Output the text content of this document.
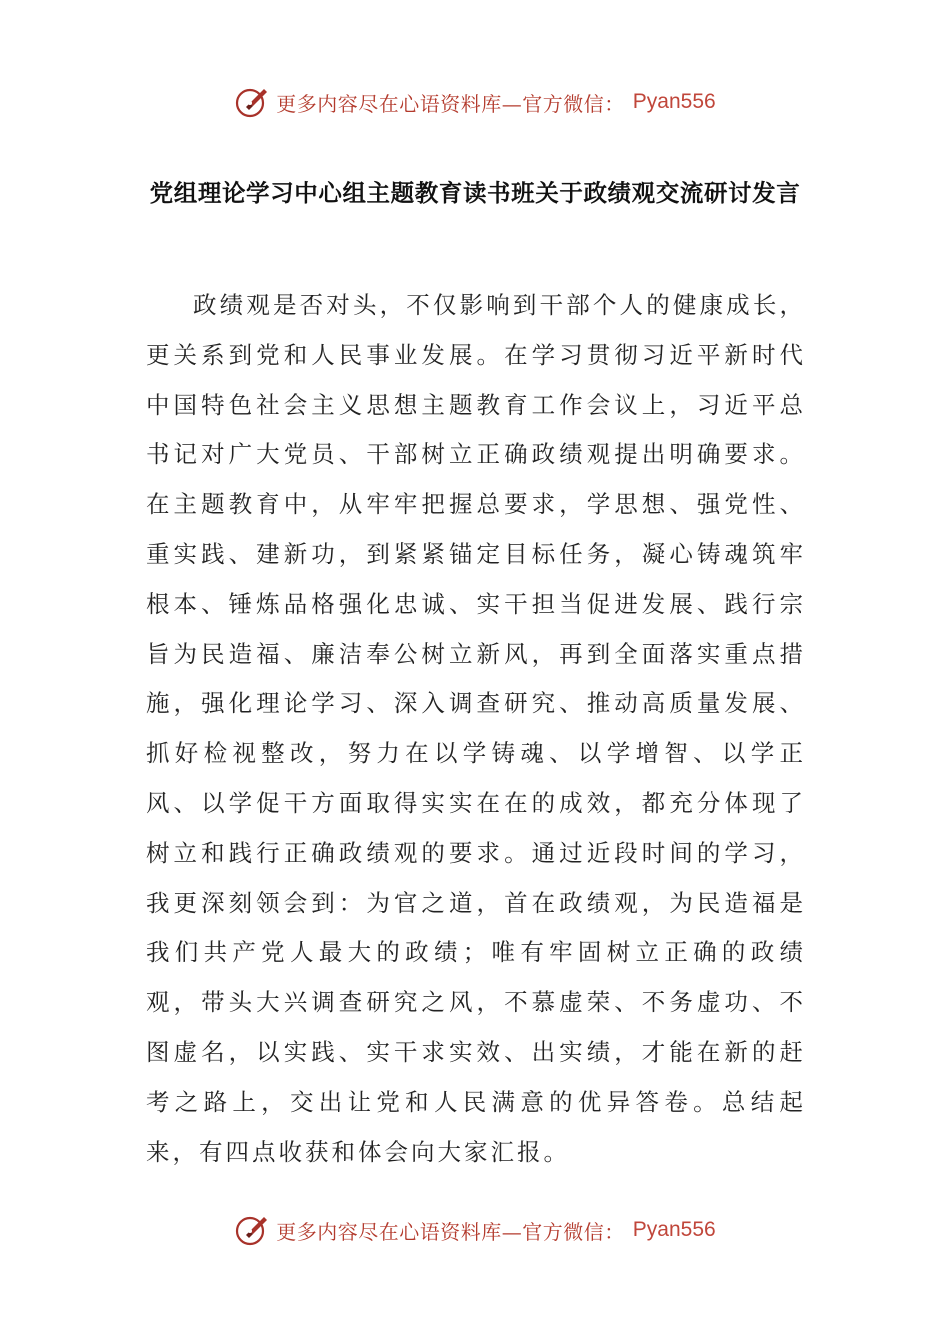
更多内容尽在心语资料库—官方微信： Pyan556
党组理论学习中心组主题教育读书班关于政绩观交流研讨发言

政绩观是否对头，不仅影响到干部个人的健康成长，更关系到党和人民事业发展。在学习贯彻习近平新时代中国特色社会主义思想主题教育工作会议上，习近平总书记对广大党员、干部树立正确政绩观提出明确要求。在主题教育中，从牢牢把握总要求，学思想、强党性、重实践、建新功，到紧紧锚定目标任务，凝心铸魂筑牢根本、锤炼品格强化忠诚、实干担当促进发展、践行宗旨为民造福、廉洁奉公树立新风，再到全面落实重点措施，强化理论学习、深入调查研究、推动高质量发展、抓好检视整改，努力在以学铸魂、以学增智、以学正风、以学促干方面取得实实在在的成效，都充分体现了树立和践行正确政绩观的要求。通过近段时间的学习，我更深刻领会到：为官之道，首在政绩观，为民造福是我们共产党人最大的政绩；唯有牢固树立正确的政绩观，带头大兴调查研究之风，不慕虚荣、不务虚功、不图虚名，以实践、实干求实效、出实绩，才能在新的赶考之路上，交出让党和人民满意的优异答卷。总结起来，有四点收获和体会向大家汇报。

更多内容尽在心语资料库—官方微信： Pyan556
